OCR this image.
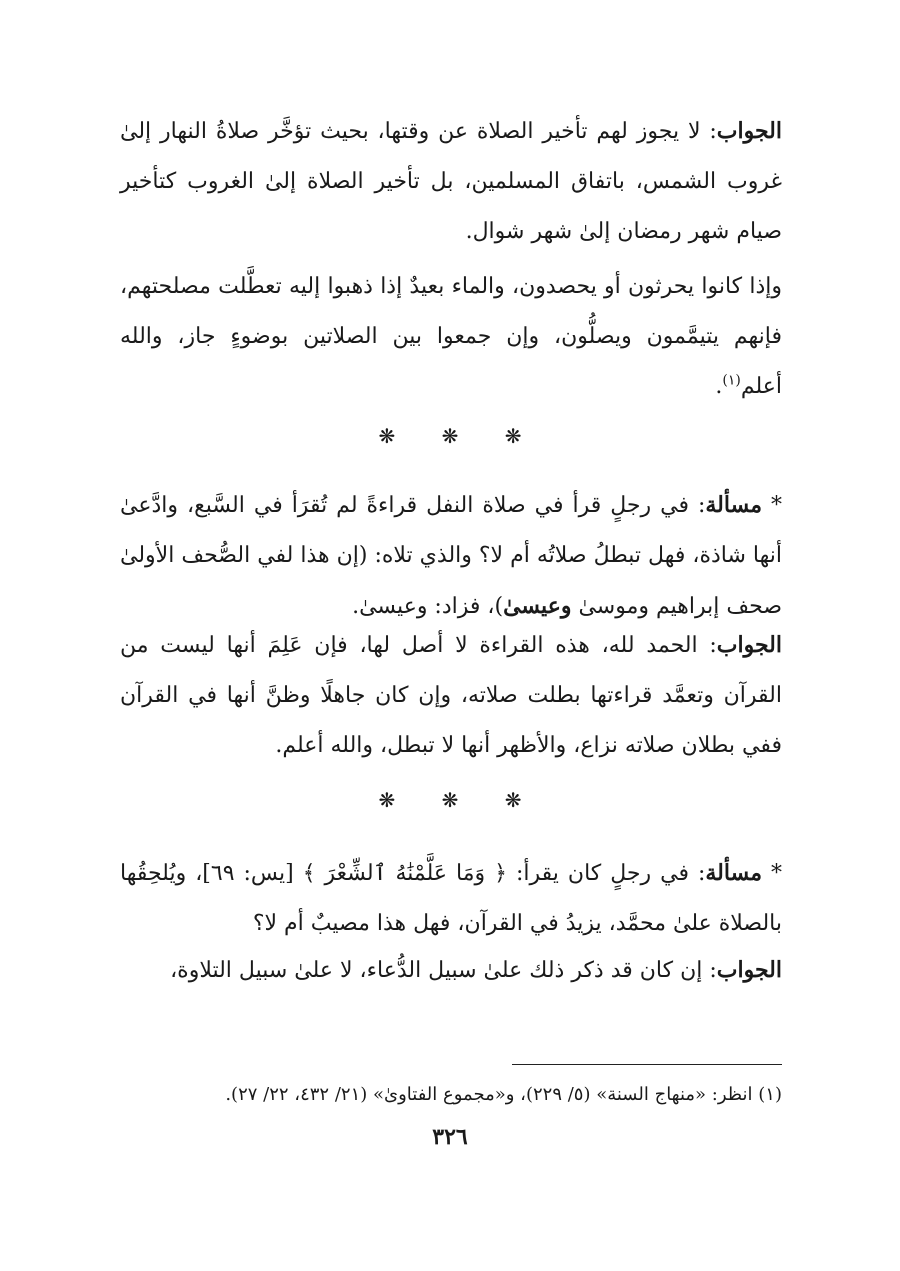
الجواب: لا يجوز لهم تأخير الصلاة عن وقتها، بحيث تؤخَّر صلاةُ النهار إلىٰ غروب الشمس، باتفاق المسلمين، بل تأخير الصلاة إلىٰ الغروب كتأخير صيام شهر رمضان إلىٰ شهر شوال.

وإذا كانوا يحرثون أو يحصدون، والماء بعيدٌ إذا ذهبوا إليه تعطَّلت مصلحتهم، فإنهم يتيمَّمون ويصلُّون، وإن جمعوا بين الصلاتين بوضوءٍ جاز، والله أعلم$^{(١)}$.

❋ ❋ ❋

* مسألة: في رجلٍ قرأ في صلاة النفل قراءةً لم تُقرَأ في السَّبع، وادَّعىٰ أنها شاذة، فهل تبطلُ صلاتُه أم لا؟ والذي تلاه: (إن هذا لفي الصُّحف الأولىٰ صحف إبراهيم وموسىٰ وعيسىٰ)، فزاد: وعيسىٰ.

الجواب: الحمد لله، هذه القراءة لا أصل لها، فإن عَلِمَ أنها ليست من القرآن وتعمَّد قراءتها بطلت صلاته، وإن كان جاهلًا وظنَّ أنها في القرآن ففي بطلان صلاته نزاع، والأظهر أنها لا تبطل، والله أعلم.

❋ ❋ ❋

* مسألة: في رجلٍ كان يقرأ: ﴿ وَمَا عَلَّمْنَٰهُ ٱلشِّعْرَ ﴾ [يس: ٦٩]، ويُلحِقُها بالصلاة علىٰ محمَّد، يزيدُ في القرآن، فهل هذا مصيبٌ أم لا؟

الجواب: إن كان قد ذكر ذلك علىٰ سبيل الدُّعاء، لا علىٰ سبيل التلاوة،

(١) انظر: «منهاج السنة» (٥/ ٢٢٩)، و«مجموع الفتاوىٰ» (٢١/ ٤٣٢، ٢٢/ ٢٧).
٣٢٦
